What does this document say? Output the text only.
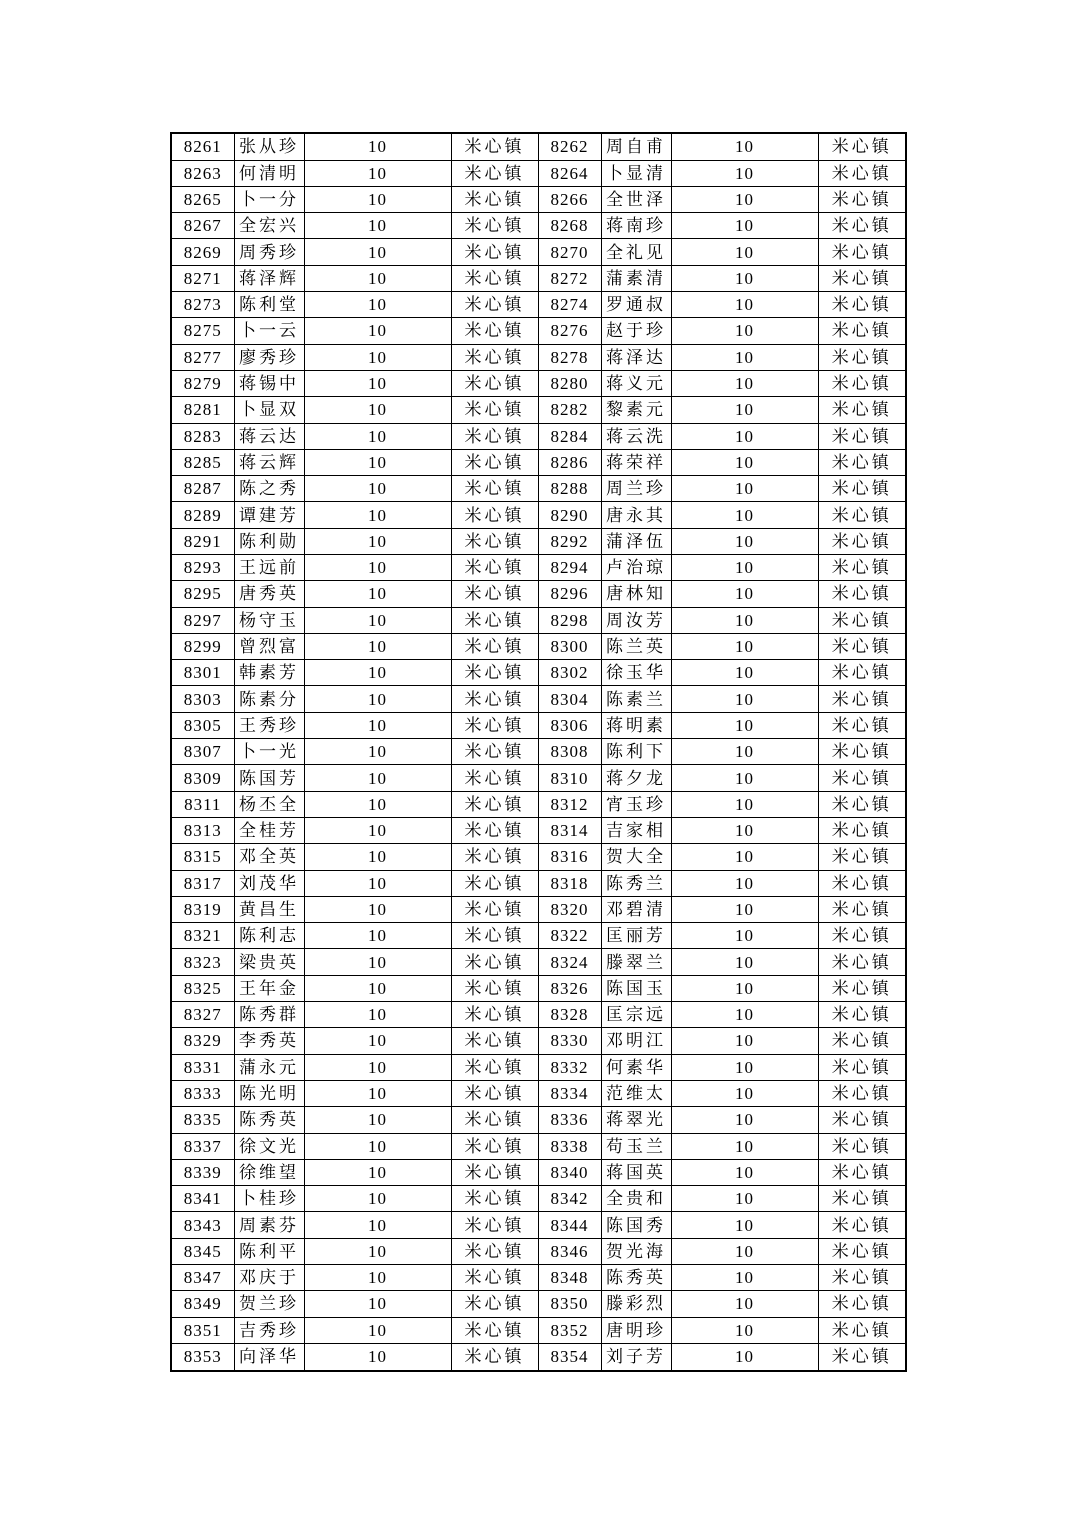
8261	张从珍	10	米心镇	8262	周自甫	10	米心镇
8263	何清明	10	米心镇	8264	卜显清	10	米心镇
8265	卜一分	10	米心镇	8266	全世泽	10	米心镇
8267	全宏兴	10	米心镇	8268	蒋南珍	10	米心镇
8269	周秀珍	10	米心镇	8270	全礼见	10	米心镇
8271	蒋泽辉	10	米心镇	8272	蒲素清	10	米心镇
8273	陈利堂	10	米心镇	8274	罗通叔	10	米心镇
8275	卜一云	10	米心镇	8276	赵于珍	10	米心镇
8277	廖秀珍	10	米心镇	8278	蒋泽达	10	米心镇
8279	蒋锡中	10	米心镇	8280	蒋义元	10	米心镇
8281	卜显双	10	米心镇	8282	黎素元	10	米心镇
8283	蒋云达	10	米心镇	8284	蒋云洗	10	米心镇
8285	蒋云辉	10	米心镇	8286	蒋荣祥	10	米心镇
8287	陈之秀	10	米心镇	8288	周兰珍	10	米心镇
8289	谭建芳	10	米心镇	8290	唐永其	10	米心镇
8291	陈利勋	10	米心镇	8292	蒲泽伍	10	米心镇
8293	王远前	10	米心镇	8294	卢治琼	10	米心镇
8295	唐秀英	10	米心镇	8296	唐林知	10	米心镇
8297	杨守玉	10	米心镇	8298	周汝芳	10	米心镇
8299	曾烈富	10	米心镇	8300	陈兰英	10	米心镇
8301	韩素芳	10	米心镇	8302	徐玉华	10	米心镇
8303	陈素分	10	米心镇	8304	陈素兰	10	米心镇
8305	王秀珍	10	米心镇	8306	蒋明素	10	米心镇
8307	卜一光	10	米心镇	8308	陈利下	10	米心镇
8309	陈国芳	10	米心镇	8310	蒋夕龙	10	米心镇
8311	杨丕全	10	米心镇	8312	宵玉珍	10	米心镇
8313	全桂芳	10	米心镇	8314	吉家相	10	米心镇
8315	邓全英	10	米心镇	8316	贺大全	10	米心镇
8317	刘茂华	10	米心镇	8318	陈秀兰	10	米心镇
8319	黄昌生	10	米心镇	8320	邓碧清	10	米心镇
8321	陈利志	10	米心镇	8322	匡丽芳	10	米心镇
8323	梁贵英	10	米心镇	8324	滕翠兰	10	米心镇
8325	王年金	10	米心镇	8326	陈国玉	10	米心镇
8327	陈秀群	10	米心镇	8328	匡宗远	10	米心镇
8329	李秀英	10	米心镇	8330	邓明江	10	米心镇
8331	蒲永元	10	米心镇	8332	何素华	10	米心镇
8333	陈光明	10	米心镇	8334	范维太	10	米心镇
8335	陈秀英	10	米心镇	8336	蒋翠光	10	米心镇
8337	徐文光	10	米心镇	8338	苟玉兰	10	米心镇
8339	徐维望	10	米心镇	8340	蒋国英	10	米心镇
8341	卜桂珍	10	米心镇	8342	全贵和	10	米心镇
8343	周素芬	10	米心镇	8344	陈国秀	10	米心镇
8345	陈利平	10	米心镇	8346	贺光海	10	米心镇
8347	邓庆于	10	米心镇	8348	陈秀英	10	米心镇
8349	贺兰珍	10	米心镇	8350	滕彩烈	10	米心镇
8351	吉秀珍	10	米心镇	8352	唐明珍	10	米心镇
8353	向泽华	10	米心镇	8354	刘子芳	10	米心镇
